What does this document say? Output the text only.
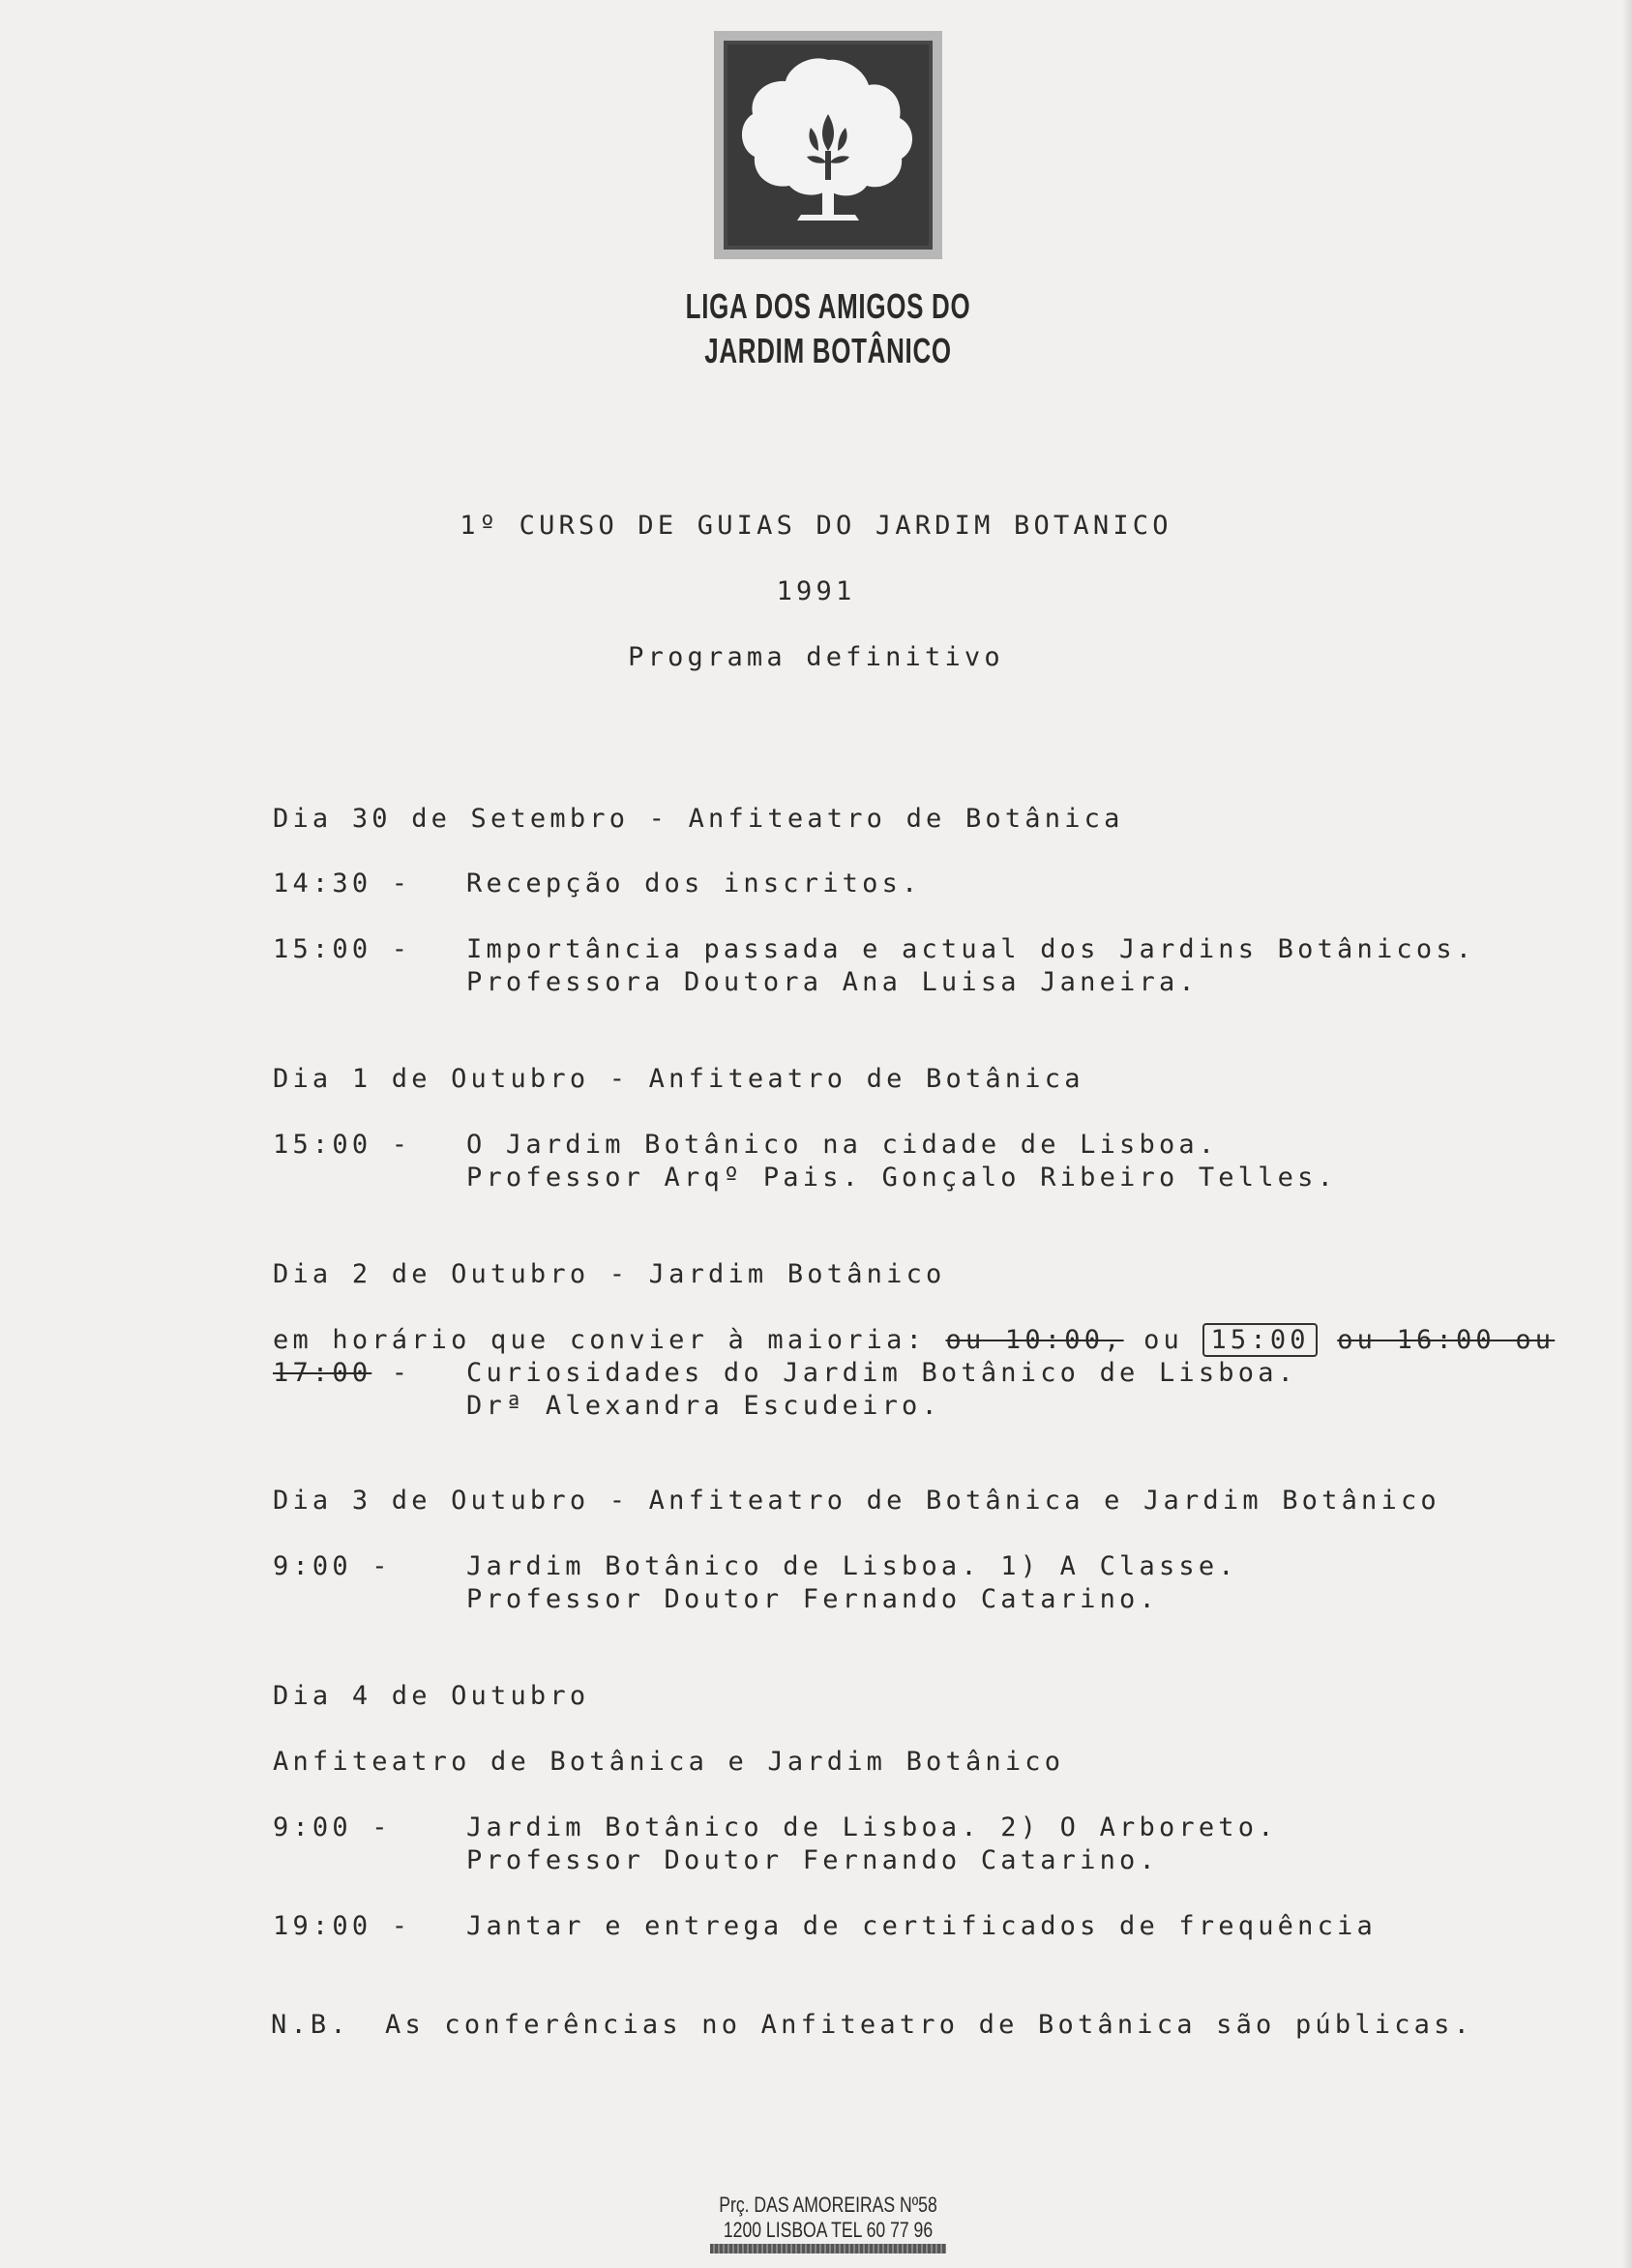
LIGA DOS AMIGOS DO
JARDIM BOTÂNICO
1º CURSO DE GUIAS DO JARDIM BOTANICO
1991
Programa definitivo
Dia 30 de Setembro - Anfiteatro de Botânica
14:30 - Recepção dos inscritos.
15:00 - Importância passada e actual dos Jardins Botânicos.
Professora Doutora Ana Luisa Janeira.
Dia 1 de Outubro - Anfiteatro de Botânica
15:00 - O Jardim Botânico na cidade de Lisboa.
Professor Arqº Pais. Gonçalo Ribeiro Telles.
Dia 2 de Outubro - Jardim Botânico
em horário que convier à maioria: ou 10:00, ou 15:00 ou 16:00 ou
17:00 - Curiosidades do Jardim Botânico de Lisboa.
Drª Alexandra Escudeiro.
Dia 3 de Outubro - Anfiteatro de Botânica e Jardim Botânico
9:00 -	Jardim Botânico de Lisboa. 1) A Classe.
Professor Doutor Fernando Catarino.
Dia 4 de Outubro
Anfiteatro de Botânica e Jardim Botânico
9:00 -	Jardim Botânico de Lisboa. 2) O Arboreto.
Professor Doutor Fernando Catarino.
19:00 - Jantar e entrega de certificados de frequência
N.B. As conferências no Anfiteatro de Botânica são públicas.
Prç. DAS AMOREIRAS Nº58
1200 LISBOA TEL 60 77 96
